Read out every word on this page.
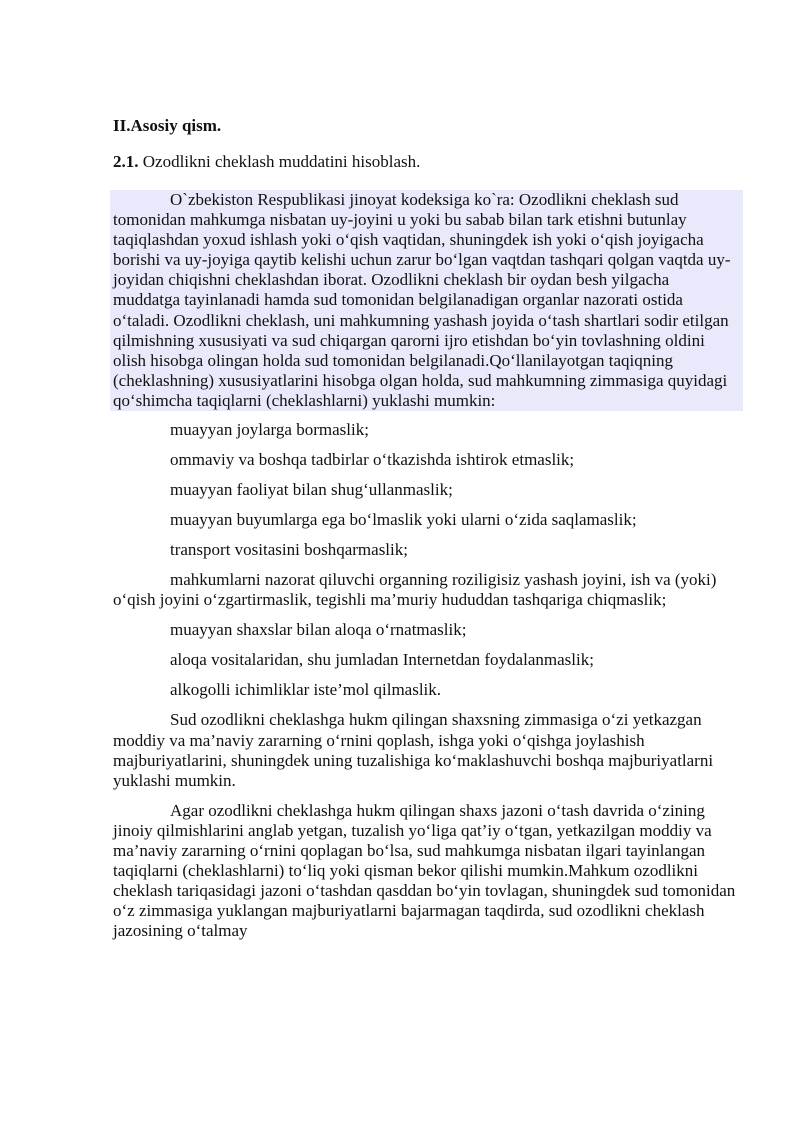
II.Asosiy qism.
2.1. Ozodlikni cheklash muddatini hisoblash.

O`zbekiston Respublikasi jinoyat kodeksiga ko`ra: Ozodlikni cheklash sud tomonidan mahkumga nisbatan uy-joyini u yoki bu sabab bilan tark etishni butunlay taqiqlashdan yoxud ishlash yoki o‘qish vaqtidan, shuningdek ish yoki o‘qish joyigacha borishi va uy-joyiga qaytib kelishi uchun zarur bo‘lgan vaqtdan tashqari qolgan vaqtda uy-joyidan chiqishni cheklashdan iborat. Ozodlikni cheklash bir oydan besh yilgacha muddatga tayinlanadi hamda sud tomonidan belgilanadigan organlar nazorati ostida o‘taladi. Ozodlikni cheklash, uni mahkumning yashash joyida o‘tash shartlari sodir etilgan qilmishning xususiyati va sud chiqargan qarorni ijro etishdan bo‘yin tovlashning oldini olish hisobga olingan holda sud tomonidan belgilanadi.Qo‘llanilayotgan taqiqning (cheklashning) xususiyatlarini hisobga olgan holda, sud mahkumning zimmasiga quyidagi qo‘shimcha taqiqlarni (cheklashlarni) yuklashi mumkin:

muayyan joylarga bormaslik;

ommaviy va boshqa tadbirlar o‘tkazishda ishtirok etmaslik;

muayyan faoliyat bilan shug‘ullanmaslik;

muayyan buyumlarga ega bo‘lmaslik yoki ularni o‘zida saqlamaslik;

transport vositasini boshqarmaslik;

mahkumlarni nazorat qiluvchi organning roziligisiz yashash joyini, ish va (yoki) o‘qish joyini o‘zgartirmaslik, tegishli ma’muriy hududdan tashqariga chiqmaslik;

muayyan shaxslar bilan aloqa o‘rnatmaslik;

aloqa vositalaridan, shu jumladan Internetdan foydalanmaslik;

alkogolli ichimliklar iste’mol qilmaslik.

Sud ozodlikni cheklashga hukm qilingan shaxsning zimmasiga o‘zi yetkazgan moddiy va ma’naviy zararning o‘rnini qoplash, ishga yoki o‘qishga joylashish majburiyatlarini, shuningdek uning tuzalishiga ko‘maklashuvchi boshqa majburiyatlarni yuklashi mumkin.

Agar ozodlikni cheklashga hukm qilingan shaxs jazoni o‘tash davrida o‘zining jinoiy qilmishlarini anglab yetgan, tuzalish yo‘liga qat’iy o‘tgan, yetkazilgan moddiy va ma’naviy zararning o‘rnini qoplagan bo‘lsa, sud mahkumga nisbatan ilgari tayinlangan taqiqlarni (cheklashlarni) to‘liq yoki qisman bekor qilishi mumkin.Mahkum ozodlikni cheklash tariqasidagi jazoni o‘tashdan qasddan bo‘yin tovlagan, shuningdek sud tomonidan o‘z zimmasiga yuklangan majburiyatlarni bajarmagan taqdirda, sud ozodlikni cheklash jazosining o‘talmay
